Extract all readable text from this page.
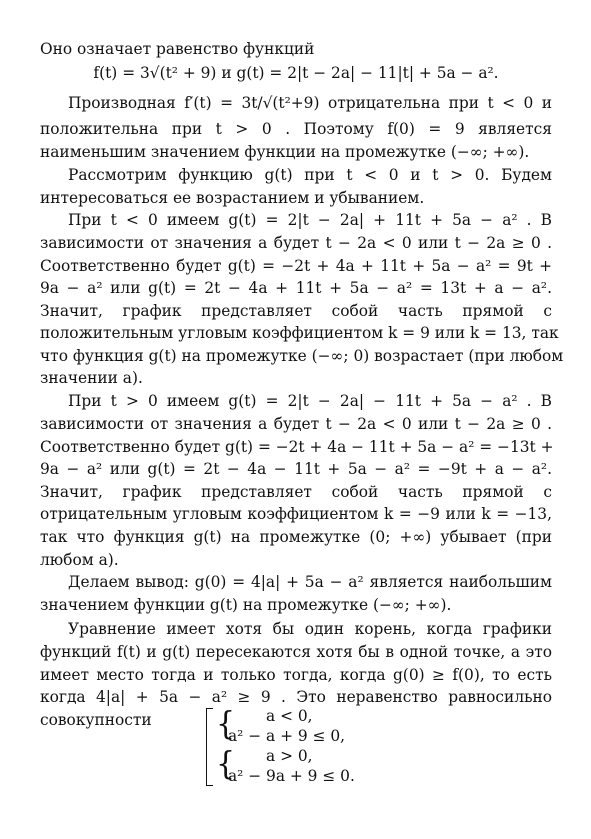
Оно означает равенство функций
f(t) = 3√(t² + 9) и g(t) = 2|t − 2a| − 11|t| + 5a − a².
Производная f′(t) = 3t/√(t²+9) отрицательна при t < 0 и
положительна при t > 0 . Поэтому f(0) = 9 является
наименьшим значением функции на промежутке (−∞; +∞).
Рассмотрим функцию g(t) при t < 0 и t > 0. Будем
интересоваться ее возрастанием и убыванием.
При t < 0 имеем g(t) = 2|t − 2a| + 11t + 5a − a² . В
зависимости от значения a будет t − 2a < 0 или t − 2a ≥ 0 .
Соответственно будет g(t) = −2t + 4a + 11t + 5a − a² = 9t +
9a − a² или g(t) = 2t − 4a + 11t + 5a − a² = 13t + a − a².
Значит, график представляет собой часть прямой с
положительным угловым коэффициентом k = 9 или k = 13, так
что функция g(t) на промежутке (−∞; 0) возрастает (при любом
значении a).
При t > 0 имеем g(t) = 2|t − 2a| − 11t + 5a − a² . В
зависимости от значения a будет t − 2a < 0 или t − 2a ≥ 0 .
Соответственно будет g(t) = −2t + 4a − 11t + 5a − a² = −13t +
9a − a² или g(t) = 2t − 4a − 11t + 5a − a² = −9t + a − a².
Значит, график представляет собой часть прямой с
отрицательным угловым коэффициентом k = −9 или k = −13,
так что функция g(t) на промежутке (0; +∞) убывает (при
любом a).
Делаем вывод: g(0) = 4|a| + 5a − a² является наибольшим
значением функции g(t) на промежутке (−∞; +∞).
Уравнение имеет хотя бы один корень, когда графики
функций f(t) и g(t) пересекаются хотя бы в одной точке, а это
имеет место тогда и только тогда, когда g(0) ≥ f(0), то есть
когда 4|a| + 5a − a² ≥ 9 . Это неравенство равносильно
совокупности	{
{
a < 0,
a² − a + 9 ≤ 0,
a > 0,
a² − 9a + 9 ≤ 0.
